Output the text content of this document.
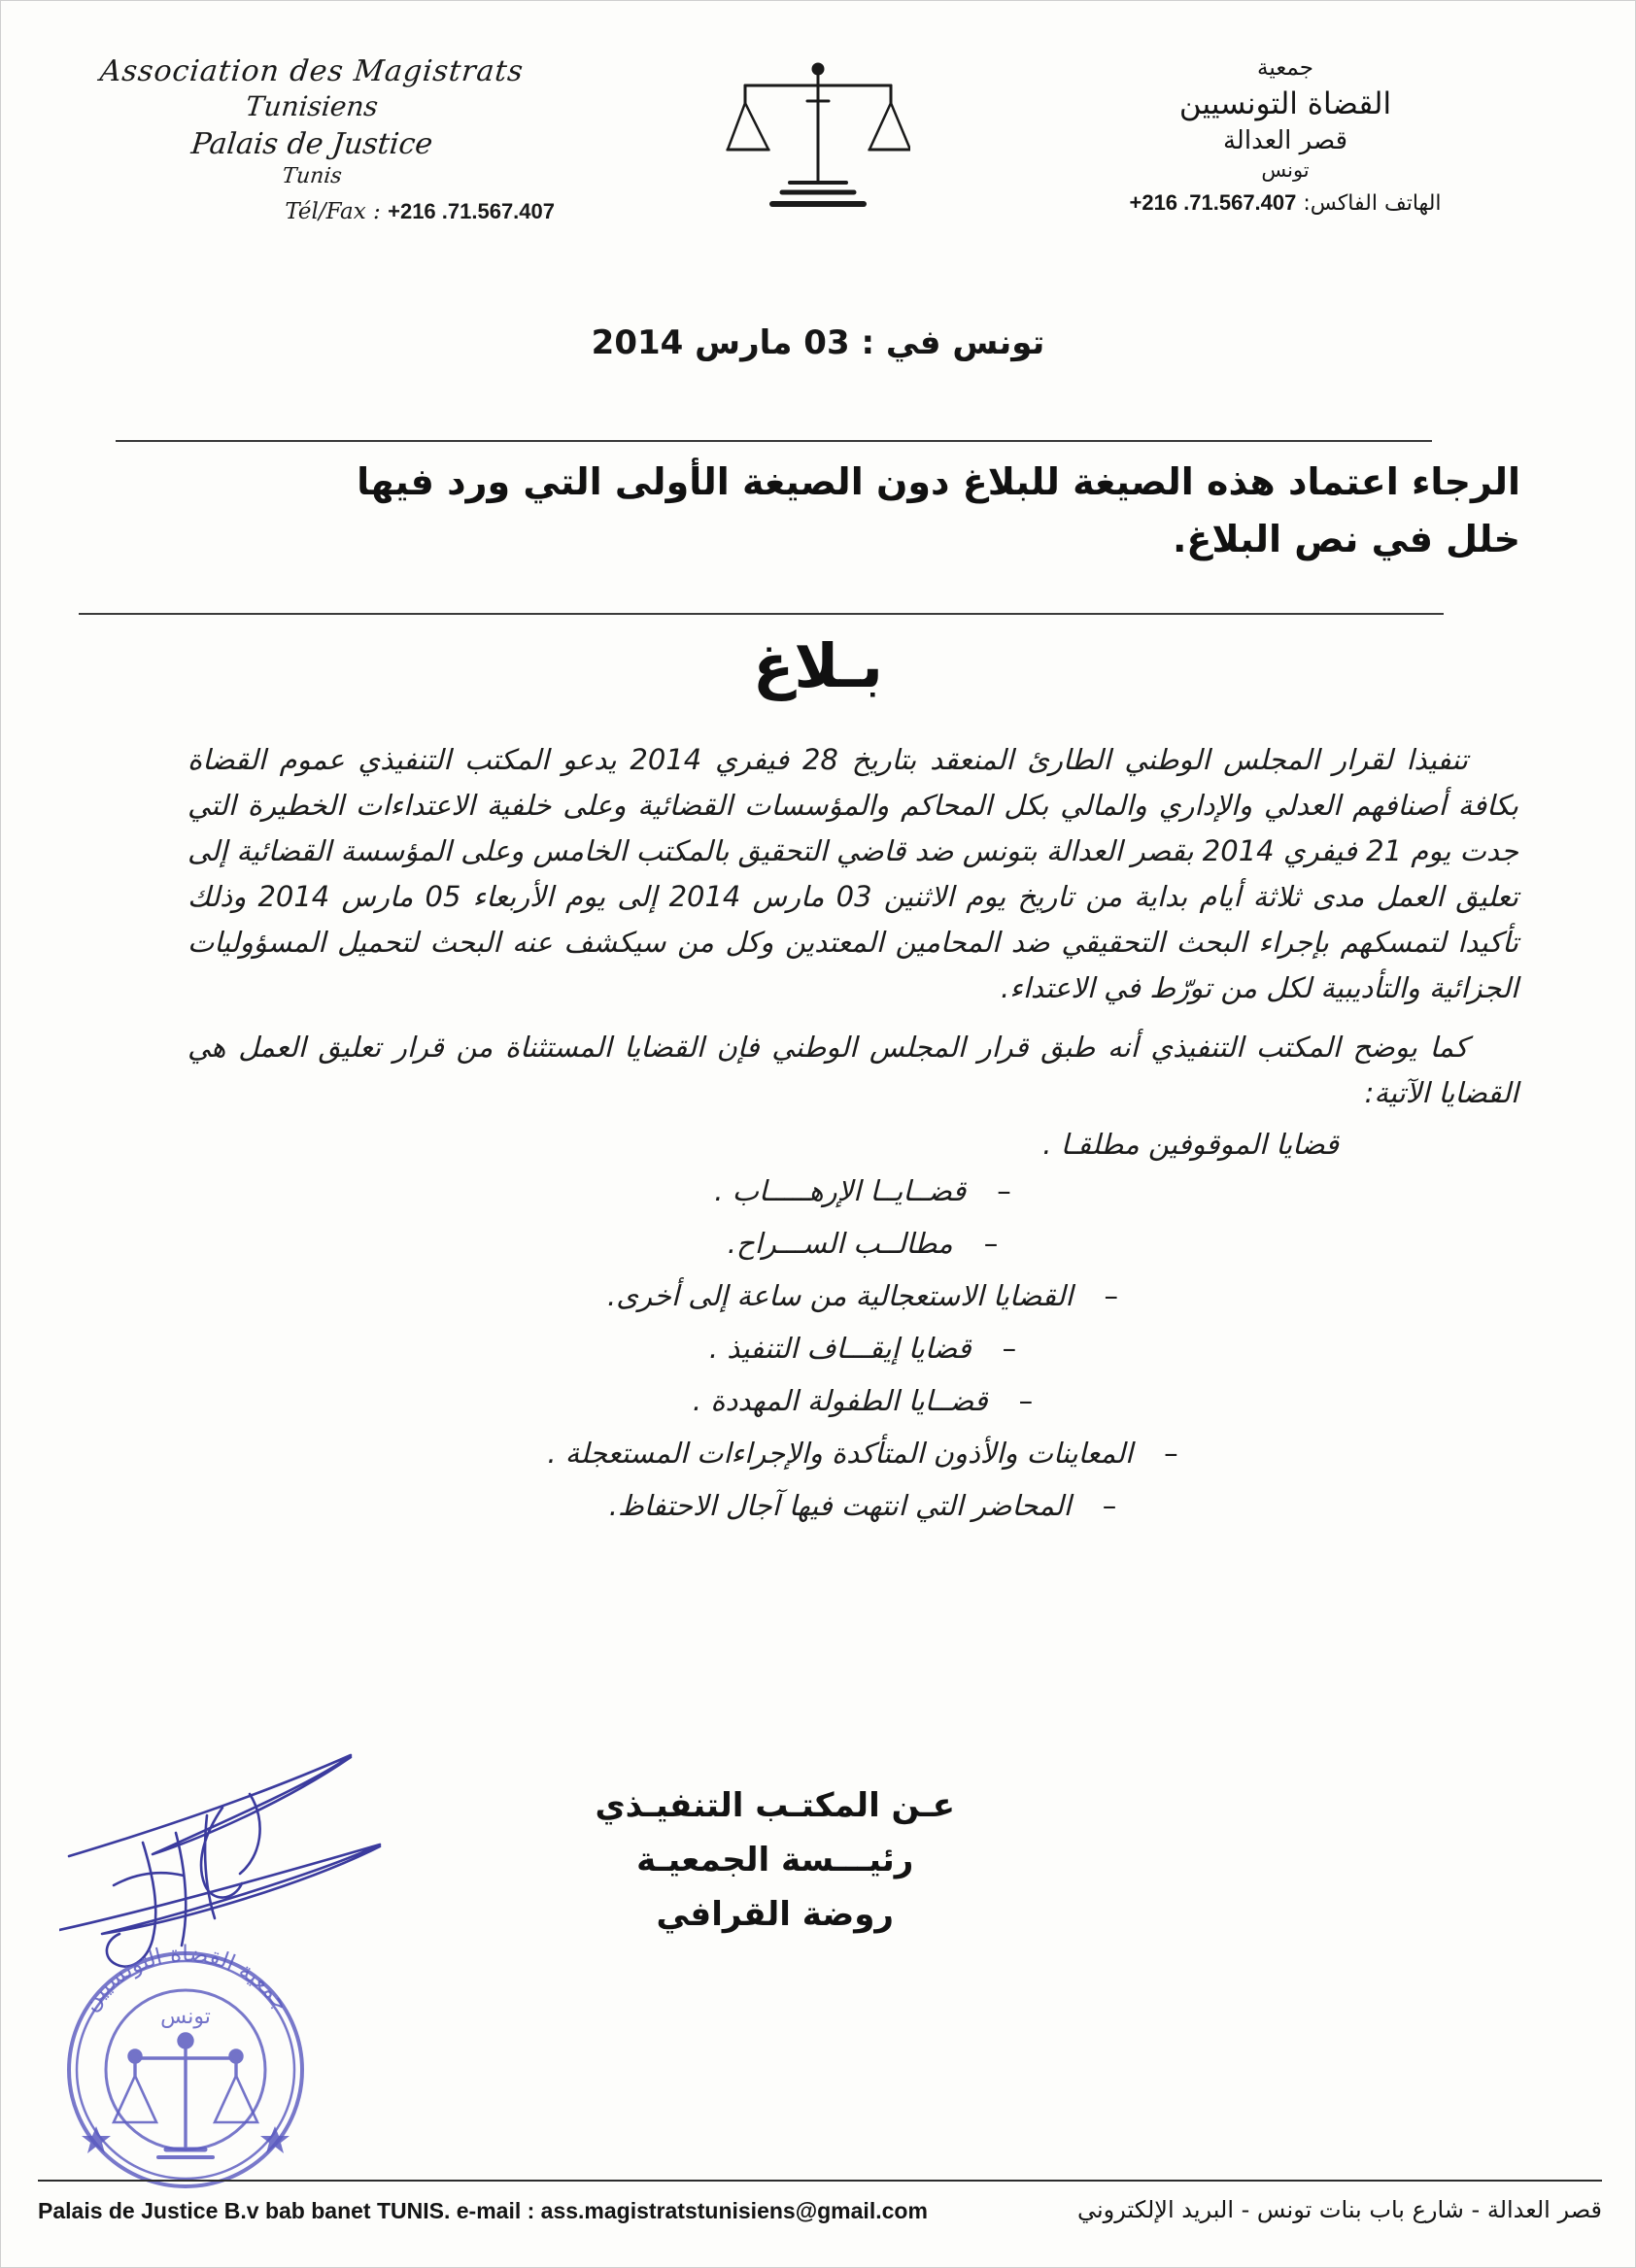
Association des Magistrats
Tunisiens
Palais de Justice
Tunis
Tél/Fax : +216 .71.567.407
جمعية
القضاة التونسيين
قصر العدالة
تونس
الهاتف الفاكس: +216 .71.567.407
تونس في : 03 مارس 2014
الرجاء اعتماد هذه الصيغة للبلاغ دون الصيغة الأولى التي ورد فيها خلل في نص البلاغ.
بـلاغ

تنفيذا لقرار المجلس الوطني الطارئ المنعقد بتاريخ 28 فيفري 2014 يدعو المكتب التنفيذي عموم القضاة بكافة أصنافهم العدلي والإداري والمالي بكل المحاكم والمؤسسات القضائية وعلى خلفية الاعتداءات الخطيرة التي جدت يوم 21 فيفري 2014 بقصر العدالة بتونس ضد قاضي التحقيق بالمكتب الخامس وعلى المؤسسة القضائية إلى تعليق العمل مدى ثلاثة أيام بداية من تاريخ يوم الاثنين 03 مارس 2014 إلى يوم الأربعاء 05 مارس 2014 وذلك تأكيدا لتمسكهم بإجراء البحث التحقيقي ضد المحامين المعتدين وكل من سيكشف عنه البحث لتحميل المسؤوليات الجزائية والتأديبية لكل من تورّط في الاعتداء.

كما يوضح المكتب التنفيذي أنه طبق قرار المجلس الوطني فإن القضايا المستثناة من قرار تعليق العمل هي القضايا الآتية:

قضايا الموقوفين مطلقـا .

–قضــايــا الإرهـــــاب .
–مطالــب الســـراح.
–القضايا الاستعجالية من ساعة إلى أخرى.
–قضايا إيقـــاف التنفيذ .
–قضــايا الطفولة المهددة .
–المعاينات والأذون المتأكدة والإجراءات المستعجلة .
–المحاضر التي انتهت فيها آجال الاحتفاظ.
عـن المكتـب التنفيـذي
رئيـــسة الجمعيـة
روضة القرافي
جمعية القضاة التونسيين
تونس
Palais de Justice B.v bab banet TUNIS. e-mail : ass.magistratstunisiens@gmail.com	قصر العدالة - شارع باب بنات تونس - البريد الإلكتروني
